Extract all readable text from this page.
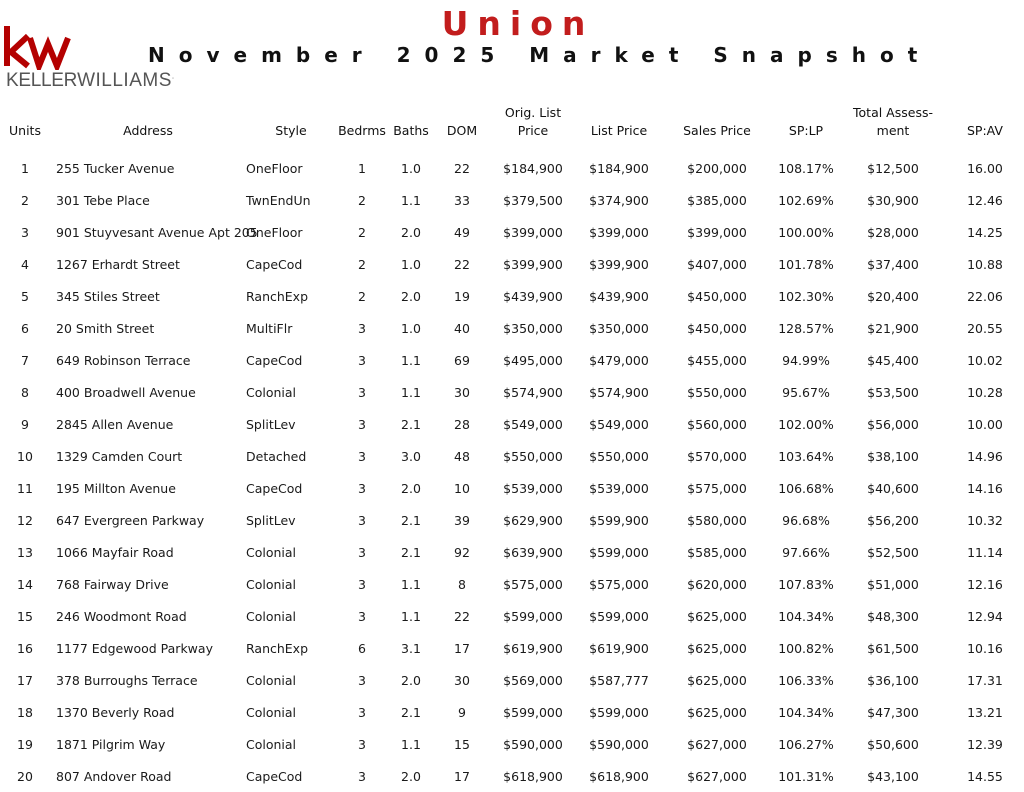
KELLERWILLIAMS.
Union
November 2025 Market Snapshot
Units	Address	Style	Bedrms	Baths	DOM	Orig. List Price	List Price	Sales Price	SP:LP	Total Assess-ment	SP:AV
1	255 Tucker Avenue	OneFloor	1	1.0	22	$184,900	$184,900	$200,000	108.17%	$12,500	16.00
2	301 Tebe Place	TwnEndUn	2	1.1	33	$379,500	$374,900	$385,000	102.69%	$30,900	12.46
3	901 Stuyvesant Avenue Apt 205	OneFloor	2	2.0	49	$399,000	$399,000	$399,000	100.00%	$28,000	14.25
4	1267 Erhardt Street	CapeCod	2	1.0	22	$399,900	$399,900	$407,000	101.78%	$37,400	10.88
5	345 Stiles Street	RanchExp	2	2.0	19	$439,900	$439,900	$450,000	102.30%	$20,400	22.06
6	20 Smith Street	MultiFlr	3	1.0	40	$350,000	$350,000	$450,000	128.57%	$21,900	20.55
7	649 Robinson Terrace	CapeCod	3	1.1	69	$495,000	$479,000	$455,000	94.99%	$45,400	10.02
8	400 Broadwell Avenue	Colonial	3	1.1	30	$574,900	$574,900	$550,000	95.67%	$53,500	10.28
9	2845 Allen Avenue	SplitLev	3	2.1	28	$549,000	$549,000	$560,000	102.00%	$56,000	10.00
10	1329 Camden Court	Detached	3	3.0	48	$550,000	$550,000	$570,000	103.64%	$38,100	14.96
11	195 Millton Avenue	CapeCod	3	2.0	10	$539,000	$539,000	$575,000	106.68%	$40,600	14.16
12	647 Evergreen Parkway	SplitLev	3	2.1	39	$629,900	$599,900	$580,000	96.68%	$56,200	10.32
13	1066 Mayfair Road	Colonial	3	2.1	92	$639,900	$599,000	$585,000	97.66%	$52,500	11.14
14	768 Fairway Drive	Colonial	3	1.1	8	$575,000	$575,000	$620,000	107.83%	$51,000	12.16
15	246 Woodmont Road	Colonial	3	1.1	22	$599,000	$599,000	$625,000	104.34%	$48,300	12.94
16	1177 Edgewood Parkway	RanchExp	6	3.1	17	$619,900	$619,900	$625,000	100.82%	$61,500	10.16
17	378 Burroughs Terrace	Colonial	3	2.0	30	$569,000	$587,777	$625,000	106.33%	$36,100	17.31
18	1370 Beverly Road	Colonial	3	2.1	9	$599,000	$599,000	$625,000	104.34%	$47,300	13.21
19	1871 Pilgrim Way	Colonial	3	1.1	15	$590,000	$590,000	$627,000	106.27%	$50,600	12.39
20	807 Andover Road	CapeCod	3	2.0	17	$618,900	$618,900	$627,000	101.31%	$43,100	14.55
